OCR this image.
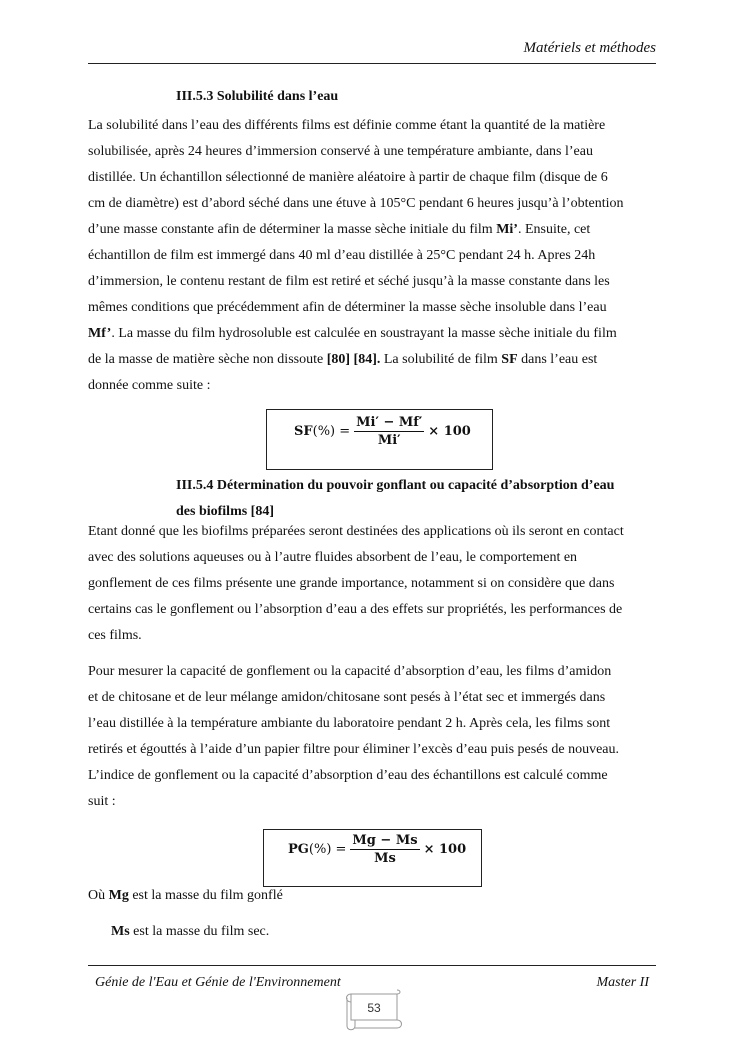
Matériels et méthodes
III.5.3 Solubilité dans l’eau
La solubilité dans l’eau des différents films est définie comme étant la quantité de la matière
solubilisée, après 24 heures d’immersion conservé à une température ambiante, dans l’eau
distillée. Un échantillon sélectionné de manière aléatoire à partir de chaque film (disque de 6
cm de diamètre) est d’abord séché dans une étuve à 105°C pendant 6 heures jusqu’à l’obtention
d’une masse constante afin de déterminer la masse sèche initiale du film Mi’. Ensuite, cet
échantillon de film est immergé dans 40 ml d’eau distillée à 25°C pendant 24 h. Apres 24h
d’immersion, le contenu restant de film est retiré et séché jusqu’à la masse constante dans les
mêmes conditions que précédemment afin de déterminer la masse sèche insoluble dans l’eau
Mf’. La masse du film hydrosoluble est calculée en soustrayant la masse sèche initiale du film
de la masse de matière sèche non dissoute [80] [84]. La solubilité de film SF dans l’eau est
donnée comme suite :
SF (%) = $\frac{Mi' - Mf'}{Mi'} \times 100$
III.5.4 Détermination du pouvoir gonflant ou capacité d’absorption d’eau
des biofilms [84]
Etant donné que les biofilms préparées seront destinées des applications où ils seront en contact
avec des solutions aqueuses ou à l’autre fluides absorbent de l’eau, le comportement en
gonflement de ces films présente une grande importance, notamment si on considère que dans
certains cas le gonflement ou l’absorption d’eau a des effets sur propriétés, les performances de
ces films.
Pour mesurer la capacité de gonflement ou la capacité d’absorption d’eau, les films d’amidon
et de chitosane et de leur mélange amidon/chitosane sont pesés à l’état sec et immergés dans
l’eau distillée à la température ambiante du laboratoire pendant 2 h. Après cela, les films sont
retirés et égouttés à l’aide d’un papier filtre pour éliminer l’excès d’eau puis pesés de nouveau.
L’indice de gonflement ou la capacité d’absorption d’eau des échantillons est calculé comme
suit :
PG (%) = $\frac{Mg - Ms}{Ms} \times 100$
Où Mg est la masse du film gonflé
Ms est la masse du film sec.
Génie de l'Eau et Génie de l'Environnement	Master II
53
